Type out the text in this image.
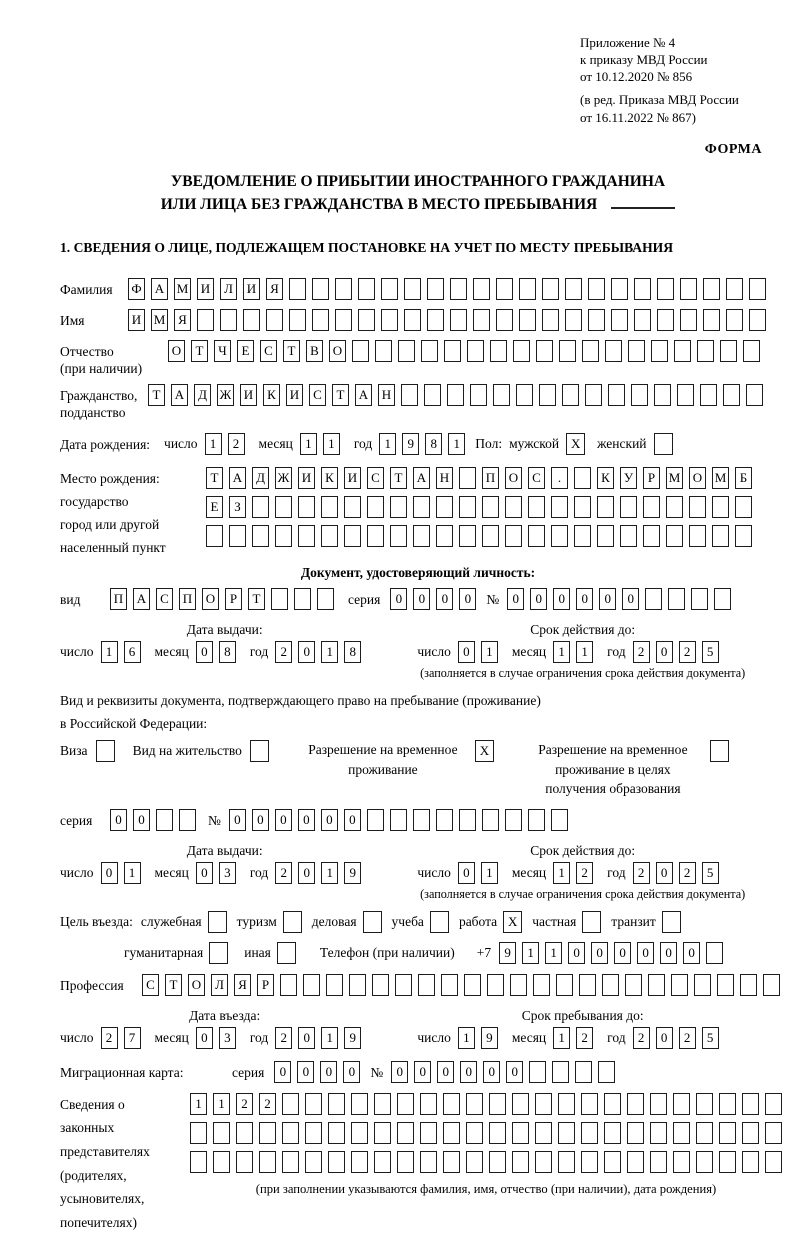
Приложение № 4
к приказу МВД России
от 10.12.2020 № 856
(в ред. Приказа МВД России
от 16.11.2022 № 867)
ФОРМА
УВЕДОМЛЕНИЕ О ПРИБЫТИИ ИНОСТРАННОГО ГРАЖДАНИНА
ИЛИ ЛИЦА БЕЗ ГРАЖДАНСТВА В МЕСТО ПРЕБЫВАНИЯ
1. СВЕДЕНИЯ О ЛИЦЕ, ПОДЛЕЖАЩЕМ ПОСТАНОВКЕ НА УЧЕТ ПО МЕСТУ ПРЕБЫВАНИЯ
Фамилия	Ф А М И	Л	И	Я
Имя	И М Я
Отчество
(при наличии)
О	Т	Ч	Е	С	Т	В	О
Гражданство,
подданство
Т	А	Д Ж И	К	И	С	Т	А Н
Дата рождения: число 1	2	месяц 1	1	год 1	9	8	1	Пол: мужской X	женский
Место рождения:
государство
город или другой
населенный пункт
Т	А	Д Ж И	К	И	С	Т	А Н	П О	С	.	К	У	Р	М О М	Б
Е	З
Документ, удостоверяющий личность:
вид	П А	С	П О	Р	Т	серия	0	0	0	0	№	0	0	0	0	0	0
Дата выдачи:
число 1	6	месяц 0	8	год 2	0	1	8
Срок действия до:
число 0	1	месяц 1	1	год 2	0	2	5
(заполняется в случае ограничения срока действия документа)
Вид и реквизиты документа, подтверждающего право на пребывание (проживание)
в Российской Федерации:
Виза	Вид на жительство	Разрешение на временное проживание
X	Разрешение на временное проживание в целях получения образования
серия	0	0	№	0	0	0	0	0	0
Дата выдачи:
число 0	1	месяц 0	3	год 2	0	1	9
Срок действия до:
число 0	1	месяц 1	2	год 2	0	2	5
(заполняется в случае ограничения срока действия документа)
Цель въезда: служебная	туризм	деловая	учеба	работа X	частная	транзит
гуманитарная	иная	Телефон (при наличии) +7	9	1	1	0	0	0	0	0	0
Профессия	С	Т	О	Л	Я	Р
Дата въезда:
число 2	7	месяц 0	3	год 2	0	1	9
Срок пребывания до:
число 1	9	месяц 1	2	год 2	0	2	5
Миграционная карта:	серия	0	0	0	0	№	0	0	0	0	0	0
Сведения о
законных
представителях
(родителях,
усыновителях,
попечителях)
1	1	2	2
(при заполнении указываются фамилия, имя, отчество (при наличии), дата рождения)
